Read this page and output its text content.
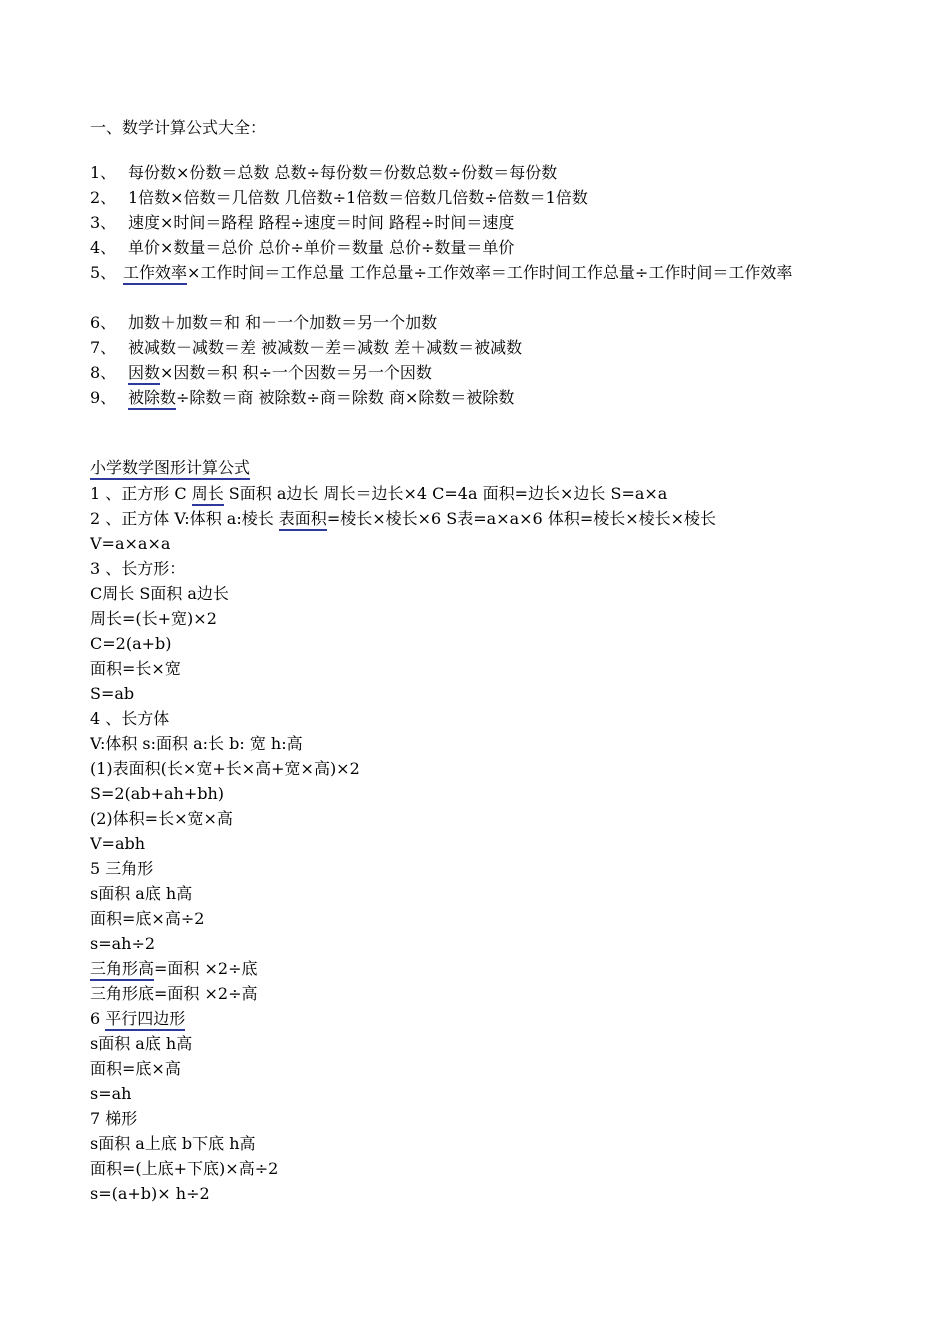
一、数学计算公式大全：
1、 每份数×份数＝总数 总数÷每份数＝份数总数÷份数＝每份数
2、 1倍数×倍数＝几倍数 几倍数÷1倍数＝倍数几倍数÷倍数＝1倍数
3、 速度×时间＝路程 路程÷速度＝时间 路程÷时间＝速度
4、 单价×数量＝总价 总价÷单价＝数量 总价÷数量＝单价
5、 工作效率×工作时间＝工作总量 工作总量÷工作效率＝工作时间工作总量÷工作时间＝工作效率
6、 加数＋加数＝和 和－一个加数＝另一个加数
7、 被减数－减数＝差 被减数－差＝减数 差＋减数＝被减数
8、 因数×因数＝积 积÷一个因数＝另一个因数
9、 被除数÷除数＝商 被除数÷商＝除数 商×除数＝被除数
小学数学图形计算公式
1 、正方形 C 周长 S面积 a边长 周长＝边长×4 C=4a 面积=边长×边长 S=a×a
2 、正方体 V:体积 a:棱长 表面积=棱长×棱长×6 S表=a×a×6 体积=棱长×棱长×棱长
V=a×a×a
3 、长方形：
C周长 S面积 a边长
周长=(长+宽)×2
C=2(a+b)
面积=长×宽
S=ab
4 、长方体
V:体积 s:面积 a:长 b: 宽 h:高
(1)表面积(长×宽+长×高+宽×高)×2
S=2(ab+ah+bh)
(2)体积=长×宽×高
V=abh
5 三角形
s面积 a底 h高
面积=底×高÷2
s=ah÷2
三角形高=面积 ×2÷底
三角形底=面积 ×2÷高
6 平行四边形
s面积 a底 h高
面积=底×高
s=ah
7 梯形
s面积 a上底 b下底 h高
面积=(上底+下底)×高÷2
s=(a+b)× h÷2
